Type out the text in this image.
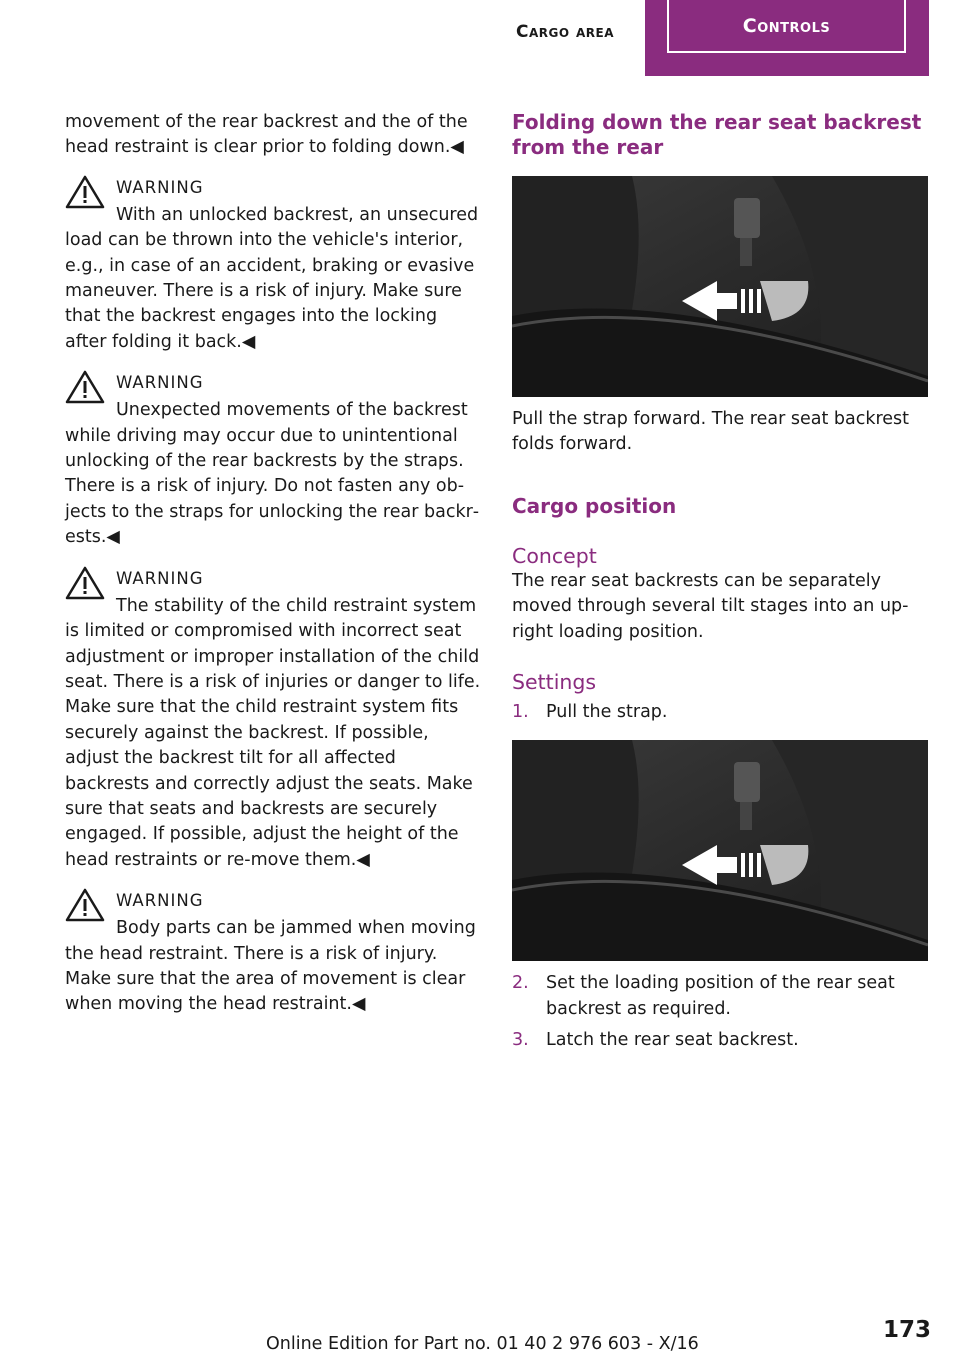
Cargo area	Controls

movement of the rear backrest and the of the head restraint is clear prior to folding down.◀

WARNING
With an unlocked backrest, an unsecured
load can be thrown into the vehicle's interior, e.g., in case of an accident, braking or evasive maneuver. There is a risk of injury. Make sure that the backrest engages into the locking after folding it back.◀
WARNING
Unexpected movements of the backrest
while driving may occur due to unintentional unlocking of the rear backrests by the straps. There is a risk of injury. Do not fasten any ob‐jects to the straps for unlocking the rear backr‐ests.◀
WARNING
The stability of the child restraint system
is limited or compromised with incorrect seat adjustment or improper installation of the child seat. There is a risk of injuries or danger to life. Make sure that the child restraint system fits securely against the backrest. If possible, adjust the backrest tilt for all affected backrests and correctly adjust the seats. Make sure that seats and backrests are securely engaged. If possible, adjust the height of the head restraints or re‐move them.◀
WARNING
Body parts can be jammed when moving
the head restraint. There is a risk of injury. Make sure that the area of movement is clear when moving the head restraint.◀
Folding down the rear seat backrest from the rear

Pull the strap forward. The rear seat backrest folds forward.

Cargo position
Concept

The rear seat backrests can be separately moved through several tilt stages into an up‐right loading position.

Settings
1. Pull the strap.
2. Set the loading position of the rear seat backrest as required.
3. Latch the rear seat backrest.
Online Edition for Part no. 01 40 2 976 603 - X/16
173
